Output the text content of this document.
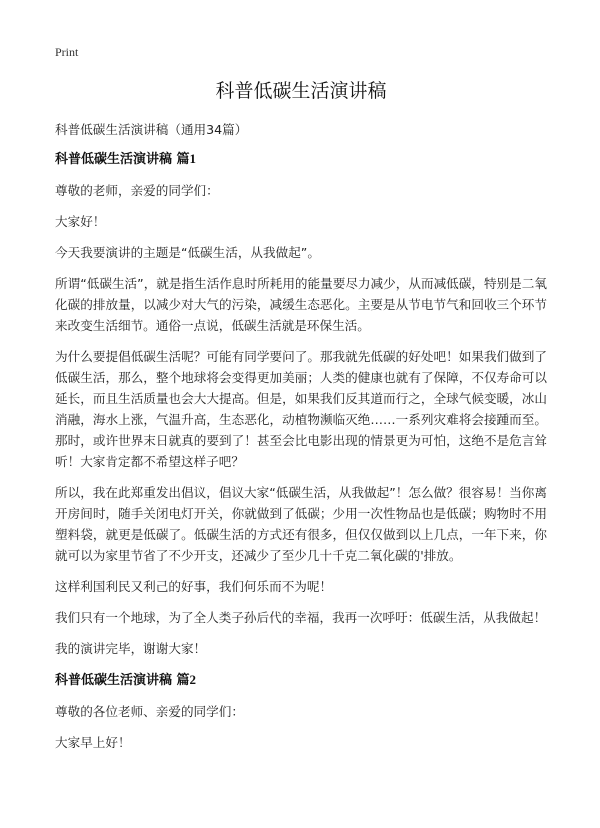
Print
科普低碳生活演讲稿

科普低碳生活演讲稿（通用34篇）

科普低碳生活演讲稿 篇1

尊敬的老师，亲爱的同学们：

大家好！

今天我要演讲的主题是“低碳生活，从我做起”。

所谓“低碳生活”，就是指生活作息时所耗用的能量要尽力减少，从而减低碳，特别是二氧化碳的排放量，以减少对大气的污染，减缓生态恶化。主要是从节电节气和回收三个环节来改变生活细节。通俗一点说，低碳生活就是环保生活。

为什么要提倡低碳生活呢？可能有同学要问了。那我就先低碳的好处吧！如果我们做到了低碳生活，那么，整个地球将会变得更加美丽；人类的健康也就有了保障，不仅寿命可以延长，而且生活质量也会大大提高。但是，如果我们反其道而行之，全球气候变暖，冰山消融，海水上涨，气温升高，生态恶化，动植物濒临灭绝……一系列灾难将会接踵而至。那时，或许世界末日就真的要到了！甚至会比电影出现的情景更为可怕，这绝不是危言耸听！大家肯定都不希望这样子吧？

所以，我在此郑重发出倡议，倡议大家“低碳生活，从我做起”！怎么做？很容易！当你离开房间时，随手关闭电灯开关，你就做到了低碳；少用一次性物品也是低碳；购物时不用塑料袋，就更是低碳了。低碳生活的方式还有很多，但仅仅做到以上几点，一年下来，你就可以为家里节省了不少开支，还减少了至少几十千克二氧化碳的'排放。

这样利国利民又利己的好事，我们何乐而不为呢！

我们只有一个地球，为了全人类子孙后代的幸福，我再一次呼吁：低碳生活，从我做起！

我的演讲完毕，谢谢大家！

科普低碳生活演讲稿 篇2

尊敬的各位老师、亲爱的同学们：

大家早上好！
